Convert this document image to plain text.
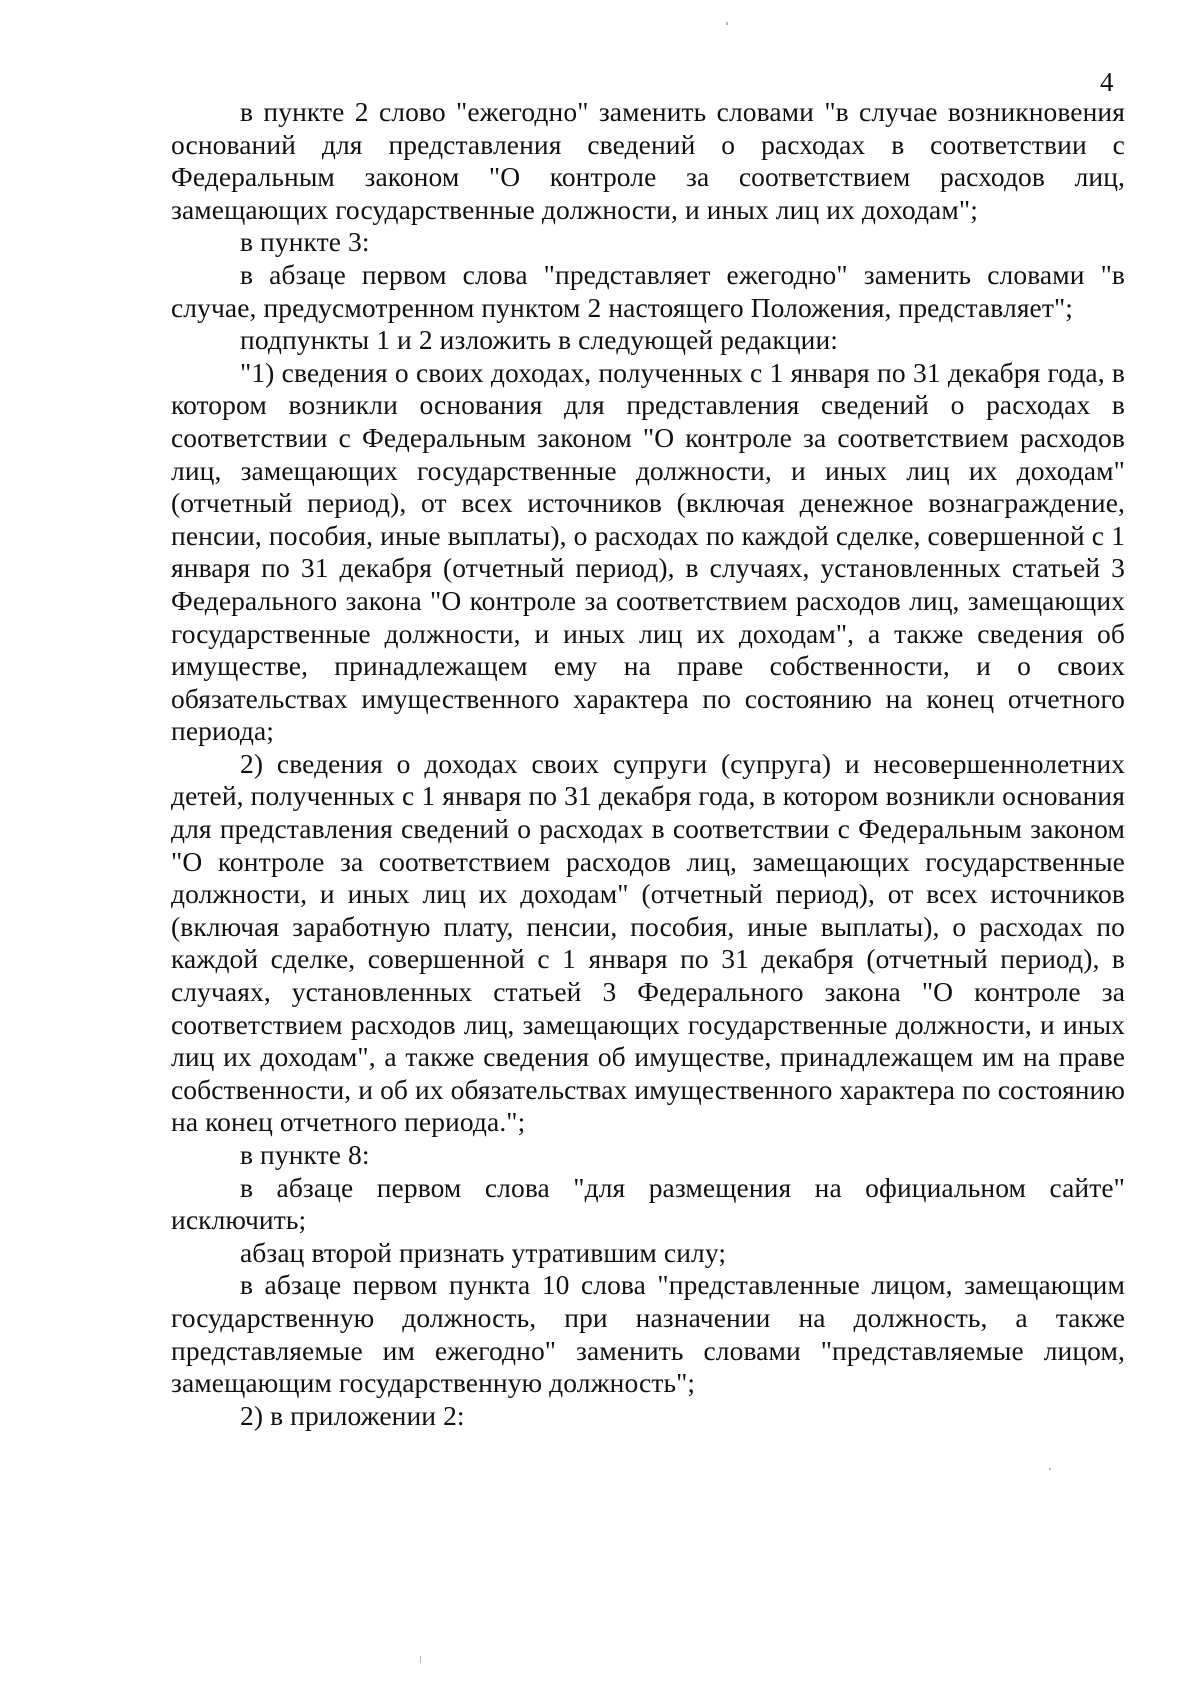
4

в пункте 2 слово "ежегодно" заменить словами "в случае возникновения оснований для представления сведений о расходах в соответствии с Федеральным законом "О контроле за соответствием расходов лиц, замещающих государственные должности, и иных лиц их доходам";

в пункте 3:

в абзаце первом слова "представляет ежегодно" заменить словами "в случае, предусмотренном пунктом 2 настоящего Положения, представляет";

подпункты 1 и 2 изложить в следующей редакции:

"1) сведения о своих доходах, полученных с 1 января по 31 декабря года, в котором возникли основания для представления сведений о расходах в соответствии с Федеральным законом "О контроле за соответствием расходов лиц, замещающих государственные должности, и иных лиц их доходам" (отчетный период), от всех источников (включая денежное вознаграждение, пенсии, пособия, иные выплаты), о расходах по каждой сделке, совершенной с 1 января по 31 декабря (отчетный период), в случаях, установленных статьей 3 Федерального закона "О контроле за соответствием расходов лиц, замещающих государственные должности, и иных лиц их доходам", а также сведения об имуществе, принадлежащем ему на праве собственности, и о своих обязательствах имущественного характера по состоянию на конец отчетного периода;

2) сведения о доходах своих супруги (супруга) и несовершеннолетних детей, полученных с 1 января по 31 декабря года, в котором возникли основания для представления сведений о расходах в соответствии с Федеральным законом "О контроле за соответствием расходов лиц, замещающих государственные должности, и иных лиц их доходам" (отчетный период), от всех источников (включая заработную плату, пенсии, пособия, иные выплаты), о расходах по каждой сделке, совершенной с 1 января по 31 декабря (отчетный период), в случаях, установленных статьей 3 Федерального закона "О контроле за соответствием расходов лиц, замещающих государственные должности, и иных лиц их доходам", а также сведения об имуществе, принадлежащем им на праве собственности, и об их обязательствах имущественного характера по состоянию на конец отчетного периода.";

в пункте 8:

в абзаце первом слова "для размещения на официальном сайте" исключить;

абзац второй признать утратившим силу;

в абзаце первом пункта 10 слова "представленные лицом, замещающим государственную должность, при назначении на должность, а также представляемые им ежегодно" заменить словами "представляемые лицом, замещающим государственную должность";

2) в приложении 2:
